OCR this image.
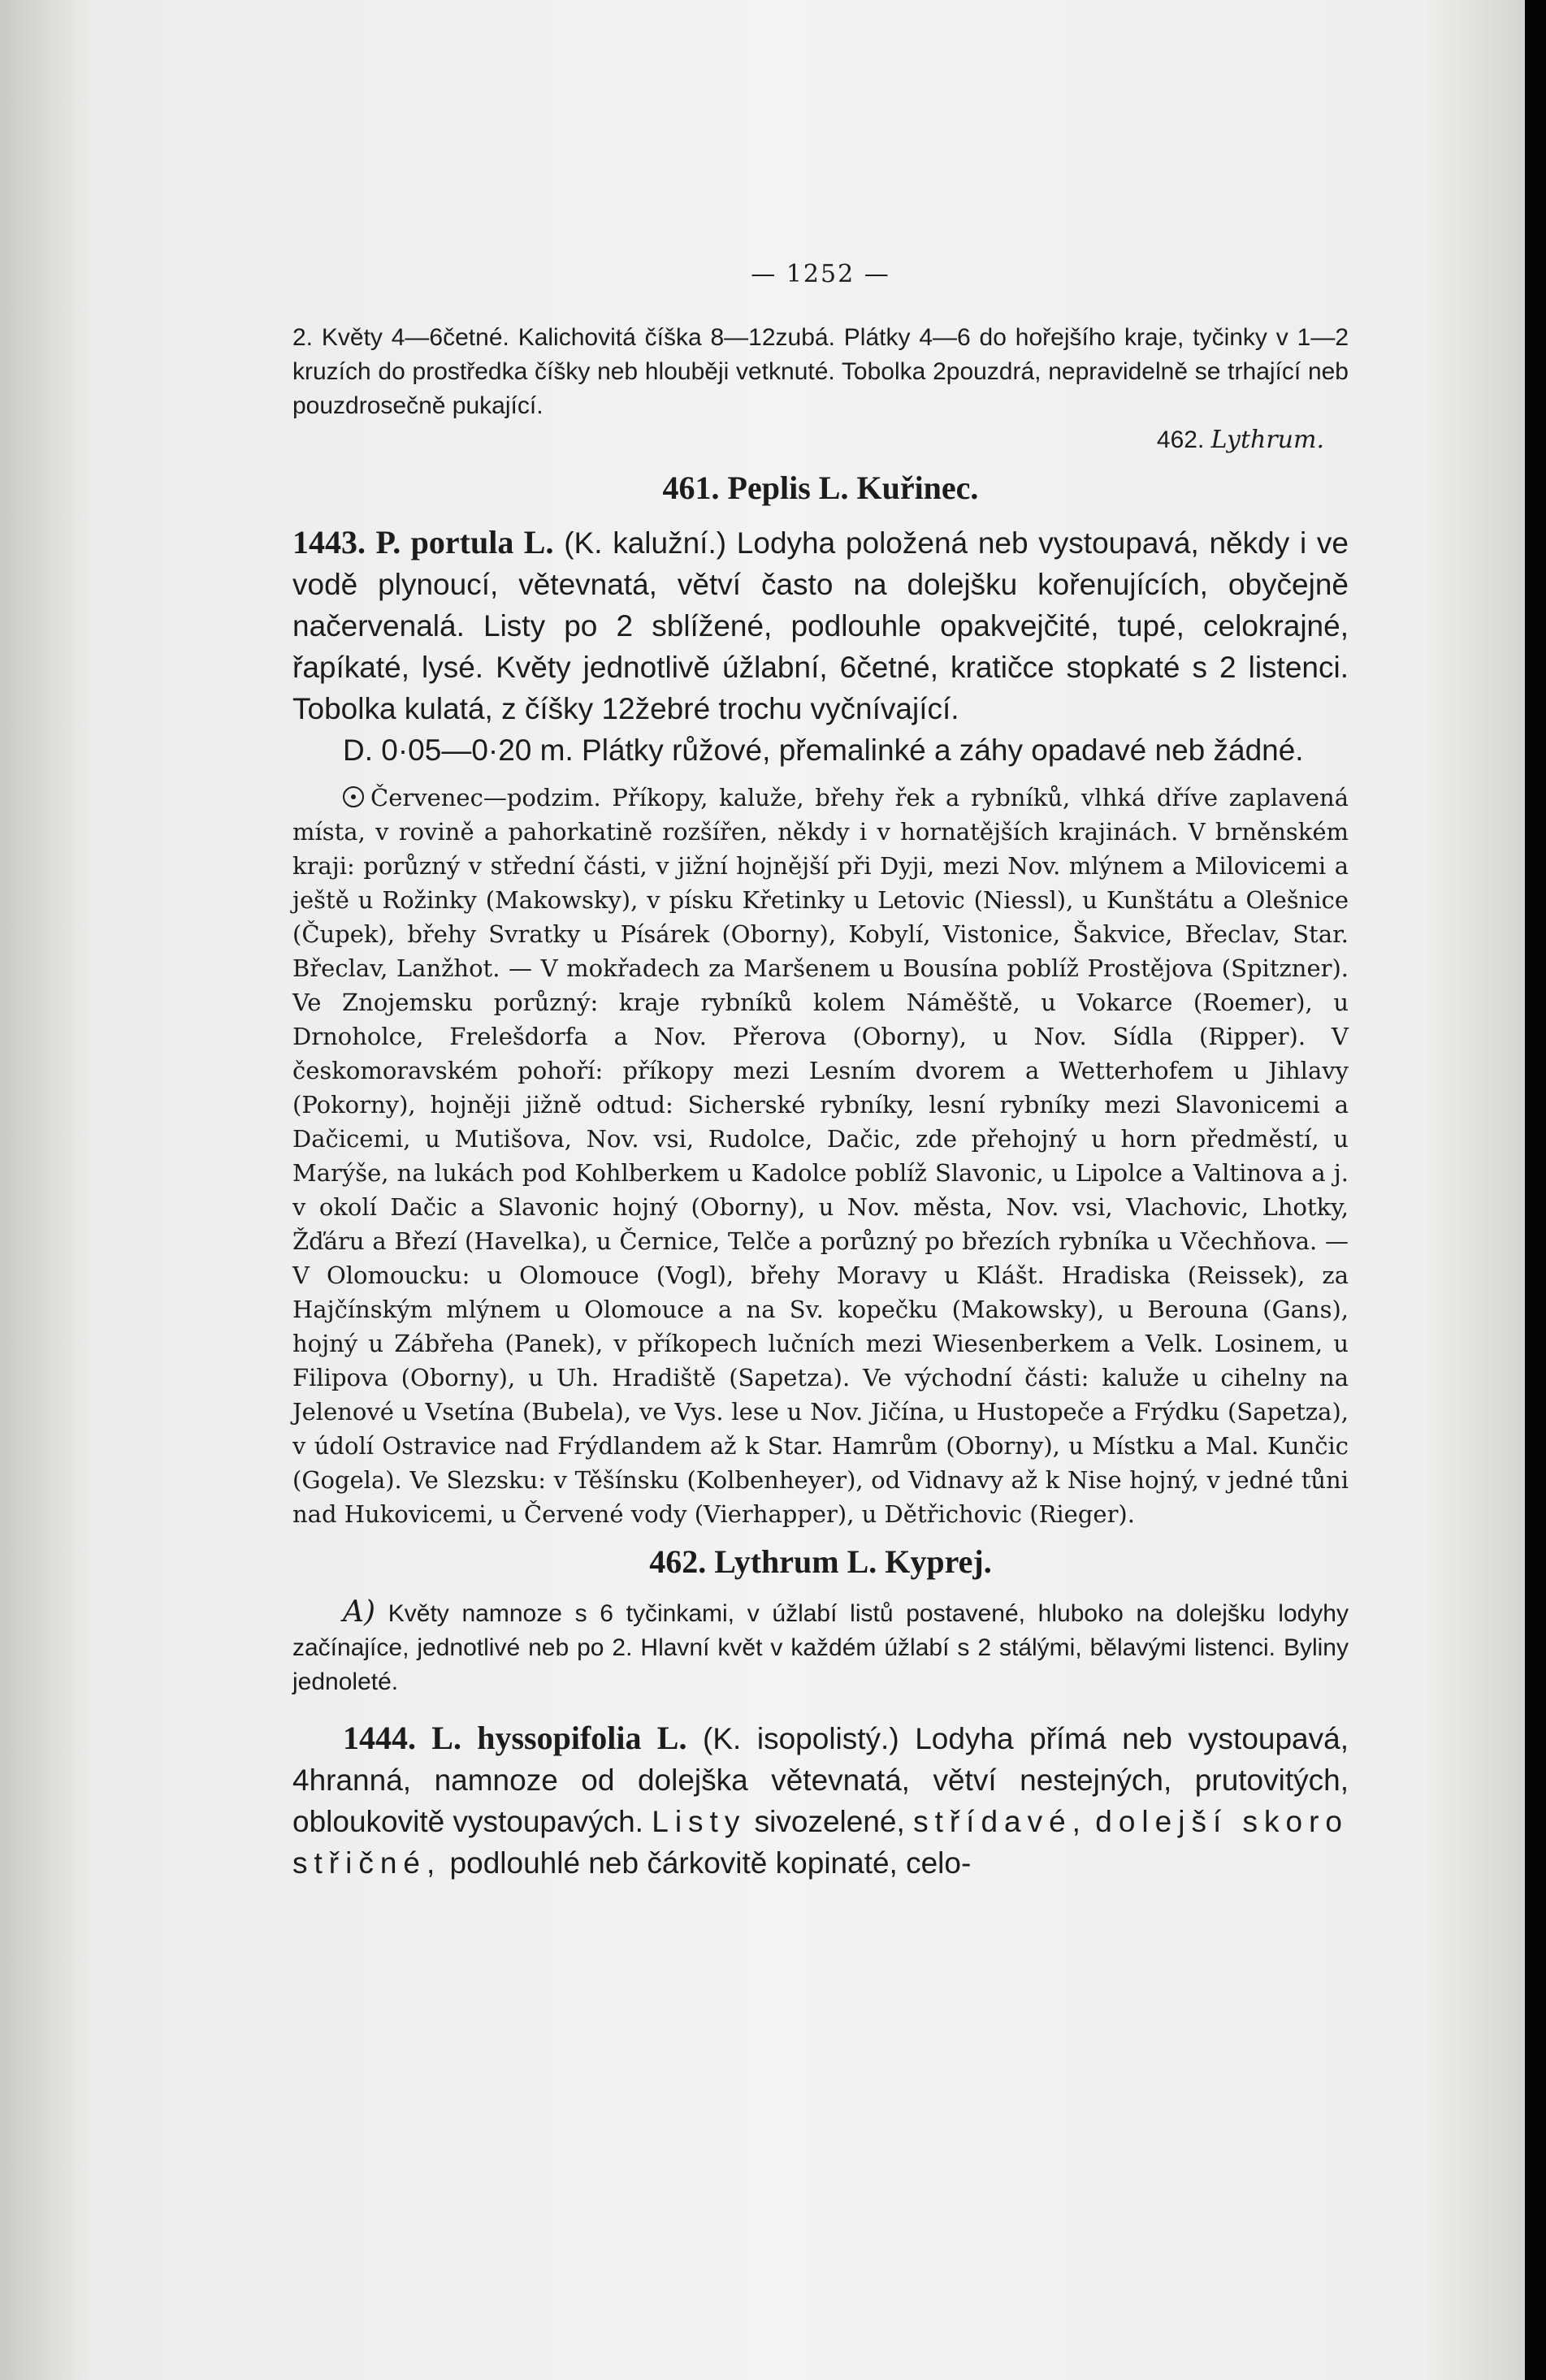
— 1252 —

2. Květy 4—6četné. Kalichovitá číška 8—12zubá. Plátky 4—6 do hořejšího kraje, tyčinky v 1—2 kruzích do prostředka číšky neb hlouběji vetknuté. Tobolka 2pouzdrá, nepravidelně se trhající neb pouzdrosečně pukající.

462. Lythrum.

461. Peplis L. Kuřinec.

1443. P. portula L. (K. kalužní.) Lodyha položená neb vystoupavá, někdy i ve vodě plynoucí, větevnatá, větví často na dolejšku kořenujících, obyčejně načervenalá. Listy po 2 sblížené, podlouhle opakvejčité, tupé, celokrajné, řapíkaté, lysé. Květy jednotlivě úžlabní, 6četné, kratičce stopkaté s 2 listenci. Tobolka kulatá, z číšky 12žebré trochu vyčnívající.

D. 0·05—0·20 m. Plátky růžové, přemalinké a záhy opadavé neb žádné.

Červenec—podzim. Příkopy, kaluže, břehy řek a rybníků, vlhká dříve zaplavená místa, v rovině a pahorkatině rozšířen, někdy i v hornatějších krajinách. V brněnském kraji: porůzný v střední části, v jižní hojnější při Dyji, mezi Nov. mlýnem a Milovicemi a ještě u Rožinky (Makowsky), v písku Křetinky u Letovic (Niessl), u Kunštátu a Olešnice (Čupek), břehy Svratky u Písárek (Oborny), Kobylí, Vistonice, Šakvice, Břeclav, Star. Břeclav, Lanžhot. — V mokřadech za Maršenem u Bousína poblíž Prostějova (Spitzner). Ve Znojemsku porůzný: kraje rybníků kolem Náměště, u Vokarce (Roemer), u Drnoholce, Frelešdorfa a Nov. Přerova (Oborny), u Nov. Sídla (Ripper). V českomoravském pohoří: příkopy mezi Lesním dvorem a Wetterhofem u Jihlavy (Pokorny), hojněji jižně odtud: Sicherské rybníky, lesní rybníky mezi Slavonicemi a Dačicemi, u Mutišova, Nov. vsi, Rudolce, Dačic, zde přehojný u horn předměstí, u Marýše, na lukách pod Kohlberkem u Kadolce poblíž Slavonic, u Lipolce a Valtinova a j. v okolí Dačic a Slavonic hojný (Oborny), u Nov. města, Nov. vsi, Vlachovic, Lhotky, Žďáru a Březí (Havelka), u Černice, Telče a porůzný po březích rybníka u Včechňova. — V Olomoucku: u Olomouce (Vogl), břehy Moravy u Klášt. Hradiska (Reissek), za Hajčínským mlýnem u Olomouce a na Sv. kopečku (Makowsky), u Berouna (Gans), hojný u Zábřeha (Panek), v příkopech lučních mezi Wiesenberkem a Velk. Losinem, u Filipova (Oborny), u Uh. Hradiště (Sapetza). Ve východní části: kaluže u cihelny na Jelenové u Vsetína (Bubela), ve Vys. lese u Nov. Jičína, u Hustopeče a Frýdku (Sapetza), v údolí Ostravice nad Frýdlandem až k Star. Hamrům (Oborny), u Místku a Mal. Kunčic (Gogela). Ve Slezsku: v Těšínsku (Kolbenheyer), od Vidnavy až k Nise hojný, v jedné tůni nad Hukovicemi, u Červené vody (Vierhapper), u Dětřichovic (Rieger).

462. Lythrum L. Kyprej.

A) Květy namnoze s 6 tyčinkami, v úžlabí listů postavené, hluboko na dolejšku lodyhy začínajíce, jednotlivé neb po 2. Hlavní květ v každém úžlabí s 2 stálými, bělavými listenci. Byliny jednoleté.

1444. L. hyssopifolia L. (K. isopolistý.) Lodyha přímá neb vystoupavá, 4hranná, namnoze od dolejška větevnatá, větví nestejných, prutovitých, obloukovitě vystoupavých. Listy sivozelené, střídavé, dolejší skoro střičné, podlouhlé neb čárkovitě kopinaté, celo-
